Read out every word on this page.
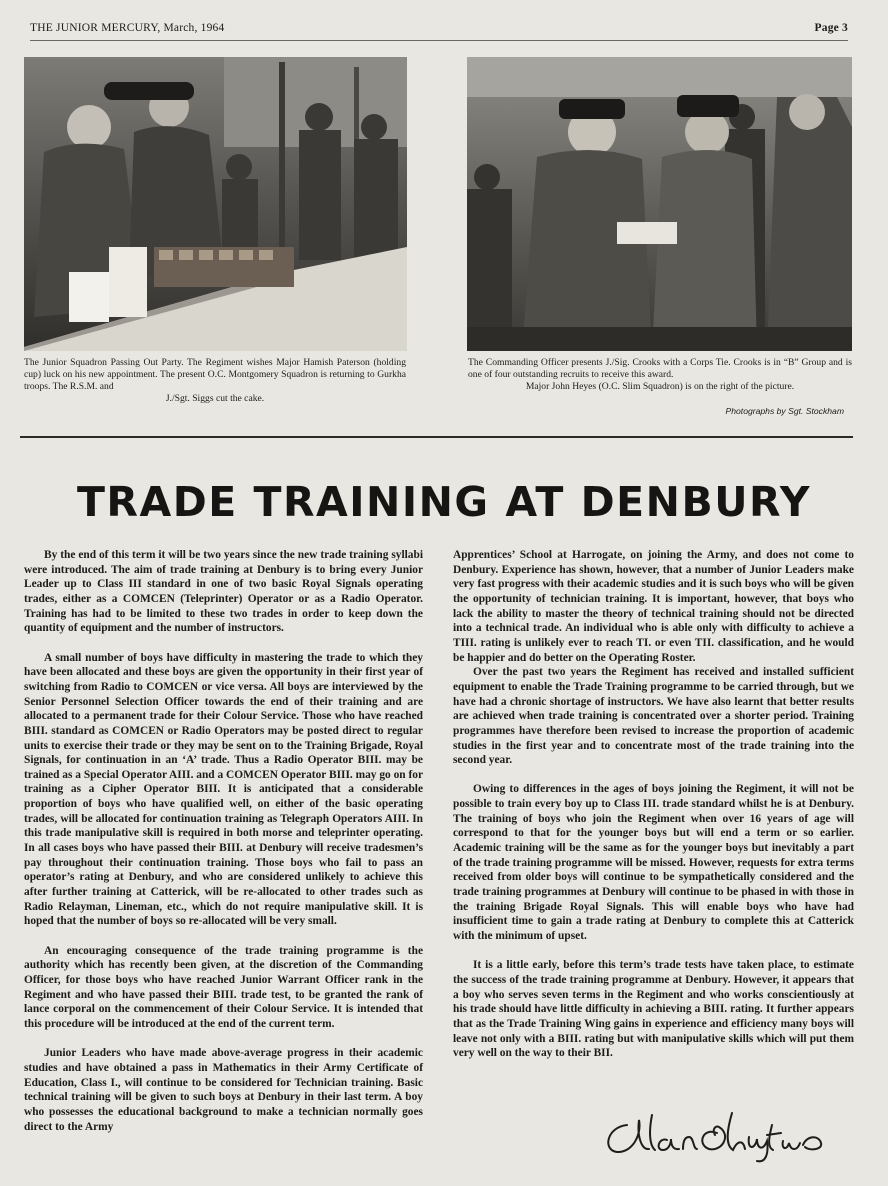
THE JUNIOR MERCURY, March, 1964	Page 3
The Junior Squadron Passing Out Party. The Regiment wishes Major Hamish Paterson (holding cup) luck on his new appointment. The present O.C. Montgomery Squadron is returning to Gurkha troops. The R.S.M. and
J./Sgt. Siggs cut the cake.
The Commanding Officer presents J./Sig. Crooks with a Corps Tie. Crooks is in “B” Group and is one of four outstanding recruits to receive this award.
Major John Heyes (O.C. Slim Squadron) is on the right of the picture.
Photographs by Sgt. Stockham
TRADE TRAINING AT DENBURY

By the end of this term it will be two years since the new trade training syllabi were introduced. The aim of trade training at Denbury is to bring every Junior Leader up to Class III standard in one of two basic Royal Signals operating trades, either as a COMCEN (Teleprinter) Operator or as a Radio Operator. Training has had to be limited to these two trades in order to keep down the quantity of equipment and the number of instructors.

A small number of boys have difficulty in mastering the trade to which they have been allocated and these boys are given the opportunity in their first year of switching from Radio to COMCEN or vice versa. All boys are interviewed by the Senior Personnel Selection Officer towards the end of their training and are allocated to a permanent trade for their Colour Service. Those who have reached BIII. standard as COMCEN or Radio Operators may be posted direct to regular units to exercise their trade or they may be sent on to the Training Brigade, Royal Signals, for continuation in an ‘A’ trade. Thus a Radio Operator BIII. may be trained as a Special Operator AIII. and a COMCEN Operator BIII. may go on for training as a Cipher Operator BIII. It is anticipated that a considerable proportion of boys who have qualified well, on either of the basic operating trades, will be allocated for continuation training as Telegraph Operators AIII. In this trade manipulative skill is required in both morse and teleprinter operating. In all cases boys who have passed their BIII. at Denbury will receive tradesmen’s pay throughout their continuation training. Those boys who fail to pass an operator’s rating at Denbury, and who are considered unlikely to achieve this after further training at Catterick, will be re-allocated to other trades such as Radio Relayman, Lineman, etc., which do not require manipulative skill. It is hoped that the number of boys so re-allocated will be very small.

An encouraging consequence of the trade training programme is the authority which has recently been given, at the discretion of the Commanding Officer, for those boys who have reached Junior Warrant Officer rank in the Regiment and who have passed their BIII. trade test, to be granted the rank of lance corporal on the commencement of their Colour Service. It is intended that this procedure will be introduced at the end of the current term.

Junior Leaders who have made above-average progress in their academic studies and have obtained a pass in Mathematics in their Army Certificate of Education, Class I., will continue to be considered for Technician training. Basic technical training will be given to such boys at Denbury in their last term. A boy who possesses the educational background to make a technician normally goes direct to the Army

Apprentices’ School at Harrogate, on joining the Army, and does not come to Denbury. Experience has shown, however, that a number of Junior Leaders make very fast progress with their academic studies and it is such boys who will be given the opportunity of technician training. It is important, however, that boys who lack the ability to master the theory of technical training should not be directed into a technical trade. An individual who is able only with difficulty to achieve a TIII. rating is unlikely ever to reach TI. or even TII. classification, and he would be happier and do better on the Operating Roster.

Over the past two years the Regiment has received and installed sufficient equipment to enable the Trade Training programme to be carried through, but we have had a chronic shortage of instructors. We have also learnt that better results are achieved when trade training is concentrated over a shorter period. Training programmes have therefore been revised to increase the proportion of academic studies in the first year and to concentrate most of the trade training into the second year.

Owing to differences in the ages of boys joining the Regiment, it will not be possible to train every boy up to Class III. trade standard whilst he is at Denbury. The training of boys who join the Regiment when over 16 years of age will correspond to that for the younger boys but will end a term or so earlier. Academic training will be the same as for the younger boys but inevitably a part of the trade training programme will be missed. However, requests for extra terms received from older boys will continue to be sympathetically considered and the trade training programmes at Denbury will continue to be phased in with those in the training Brigade Royal Signals. This will enable boys who have had insufficient time to gain a trade rating at Denbury to complete this at Catterick with the minimum of upset.

It is a little early, before this term’s trade tests have taken place, to estimate the success of the trade training programme at Denbury. However, it appears that a boy who serves seven terms in the Regiment and who works conscientiously at his trade should have little difficulty in achieving a BIII. rating. It further appears that as the Trade Training Wing gains in experience and efficiency many boys will leave not only with a BIII. rating but with manipulative skills which will put them very well on the way to their BII.
